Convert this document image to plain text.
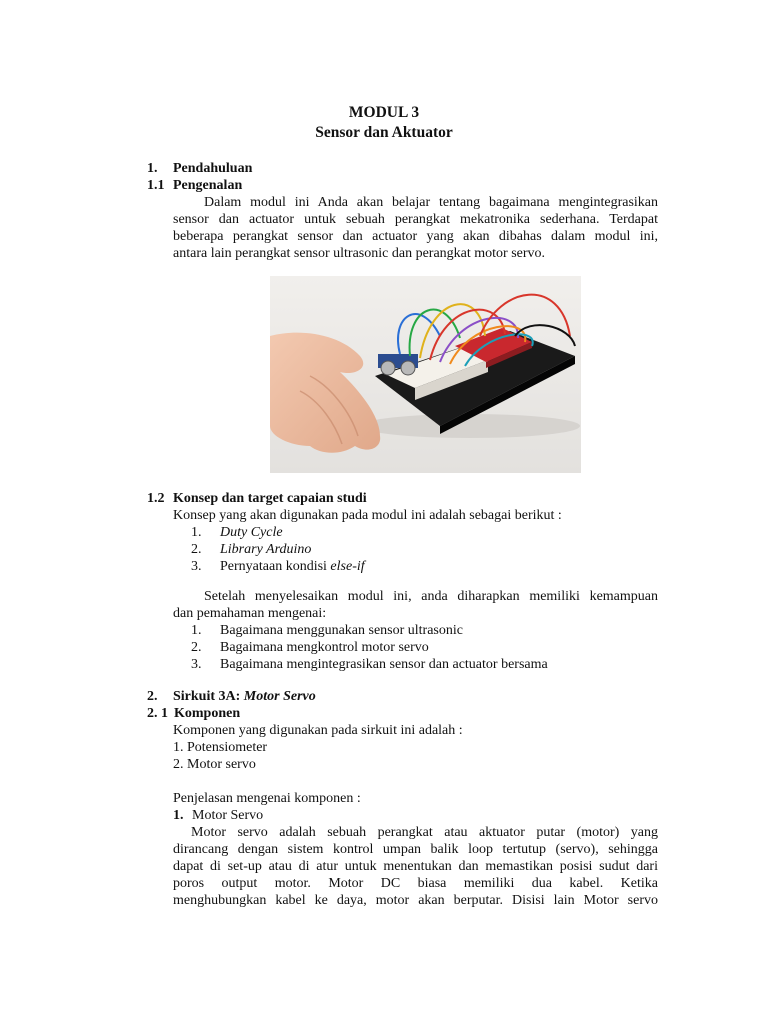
MODUL 3
Sensor dan Aktuator
1. Pendahuluan
1.1 Pengenalan
Dalam modul ini Anda akan belajar tentang bagaimana mengintegrasikan
sensor dan actuator untuk sebuah perangkat mekatronika sederhana. Terdapat
beberapa perangkat sensor dan actuator yang akan dibahas dalam modul ini,
antara lain perangkat sensor ultrasonic dan perangkat motor servo.
1.2 Konsep dan target capaian studi
Konsep yang akan digunakan pada modul ini adalah sebagai berikut :
1. Duty Cycle
2. Library Arduino
3. Pernyataan kondisi else-if
Setelah menyelesaikan modul ini, anda diharapkan memiliki kemampuan
dan pemahaman mengenai:
1. Bagaimana menggunakan sensor ultrasonic
2. Bagaimana mengkontrol motor servo
3. Bagaimana mengintegrasikan sensor dan actuator bersama
2. Sirkuit 3A: Motor Servo
2. 1 Komponen
Komponen yang digunakan pada sirkuit ini adalah :
1. Potensiometer
2. Motor servo
Penjelasan mengenai komponen :
1. Motor Servo
Motor servo adalah sebuah perangkat atau aktuator putar (motor) yang
dirancang dengan sistem kontrol umpan balik loop tertutup (servo), sehingga
dapat di set-up atau di atur untuk menentukan dan memastikan posisi sudut dari
poros output motor. Motor DC biasa memiliki dua kabel. Ketika
menghubungkan kabel ke daya, motor akan berputar. Disisi lain Motor servo
